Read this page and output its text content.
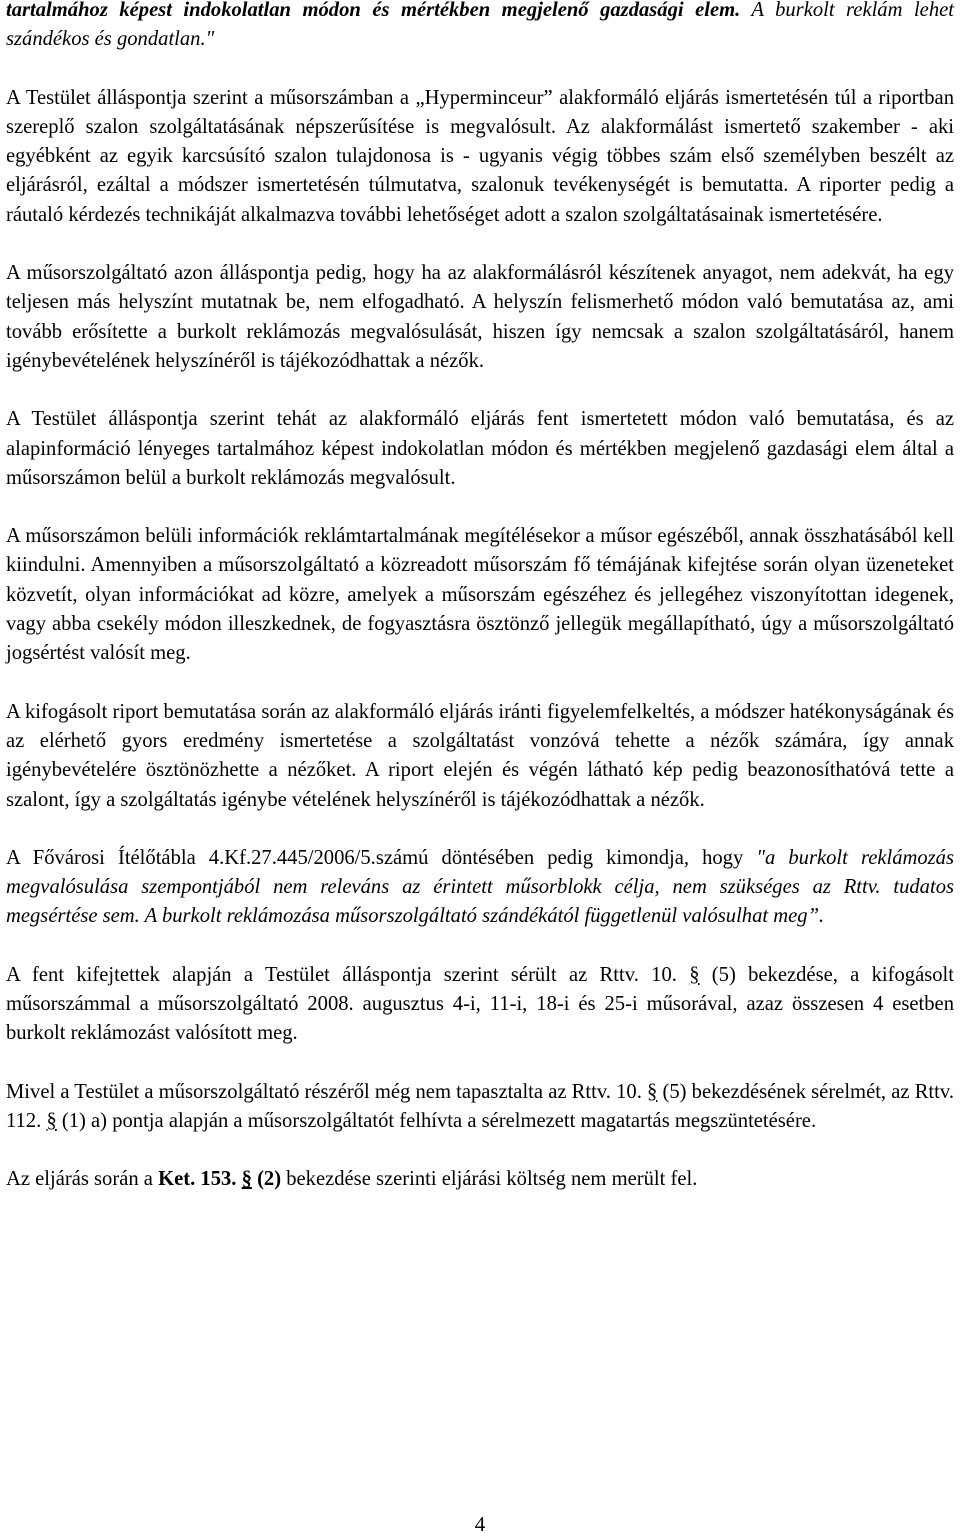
tartalmához képest indokolatlan módon és mértékben megjelenő gazdasági elem. A burkolt reklám lehet szándékos és gondatlan."

A Testület álláspontja szerint a műsorszámban a „Hyperminceur” alakformáló eljárás ismertetésén túl a riportban szereplő szalon szolgáltatásának népszerűsítése is megvalósult. Az alakformálást ismertető szakember - aki egyébként az egyik karcsúsító szalon tulajdonosa is - ugyanis végig többes szám első személyben beszélt az eljárásról, ezáltal a módszer ismertetésén túlmutatva, szalonuk tevékenységét is bemutatta. A riporter pedig a ráutaló kérdezés technikáját alkalmazva további lehetőséget adott a szalon szolgáltatásainak ismertetésére.

A műsorszolgáltató azon álláspontja pedig, hogy ha az alakformálásról készítenek anyagot, nem adekvát, ha egy teljesen más helyszínt mutatnak be, nem elfogadható. A helyszín felismerhető módon való bemutatása az, ami tovább erősítette a burkolt reklámozás megvalósulását, hiszen így nemcsak a szalon szolgáltatásáról, hanem igénybevételének helyszínéről is tájékozódhattak a nézők.

A Testület álláspontja szerint tehát az alakformáló eljárás fent ismertetett módon való bemutatása, és az alapinformáció lényeges tartalmához képest indokolatlan módon és mértékben megjelenő gazdasági elem által a műsorszámon belül a burkolt reklámozás megvalósult.

A műsorszámon belüli információk reklámtartalmának megítélésekor a műsor egészéből, annak összhatásából kell kiindulni. Amennyiben a műsorszolgáltató a közreadott műsorszám fő témájának kifejtése során olyan üzeneteket közvetít, olyan információkat ad közre, amelyek a műsorszám egészéhez és jellegéhez viszonyítottan idegenek, vagy abba csekély módon illeszkednek, de fogyasztásra ösztönző jellegük megállapítható, úgy a műsorszolgáltató jogsértést valósít meg.

A kifogásolt riport bemutatása során az alakformáló eljárás iránti figyelemfelkeltés, a módszer hatékonyságának és az elérhető gyors eredmény ismertetése a szolgáltatást vonzóvá tehette a nézők számára, így annak igénybevételére ösztönözhette a nézőket. A riport elején és végén látható kép pedig beazonosíthatóvá tette a szalont, így a szolgáltatás igénybe vételének helyszínéről is tájékozódhattak a nézők.

A Fővárosi Ítélőtábla 4.Kf.27.445/2006/5.számú döntésében pedig kimondja, hogy "a burkolt reklámozás megvalósulása szempontjából nem releváns az érintett műsorblokk célja, nem szükséges az Rttv. tudatos megsértése sem. A burkolt reklámozása műsorszolgáltató szándékától függetlenül valósulhat meg”.

A fent kifejtettek alapján a Testület álláspontja szerint sérült az Rttv. 10. § (5) bekezdése, a kifogásolt műsorszámmal a műsorszolgáltató 2008. augusztus 4-i, 11-i, 18-i és 25-i műsorával, azaz összesen 4 esetben burkolt reklámozást valósított meg.

Mivel a Testület a műsorszolgáltató részéről még nem tapasztalta az Rttv. 10. § (5) bekezdésének sérelmét, az Rttv. 112. § (1) a) pontja alapján a műsorszolgáltatót felhívta a sérelmezett magatartás megszüntetésére.

Az eljárás során a Ket. 153. § (2) bekezdése szerinti eljárási költség nem merült fel.

4
